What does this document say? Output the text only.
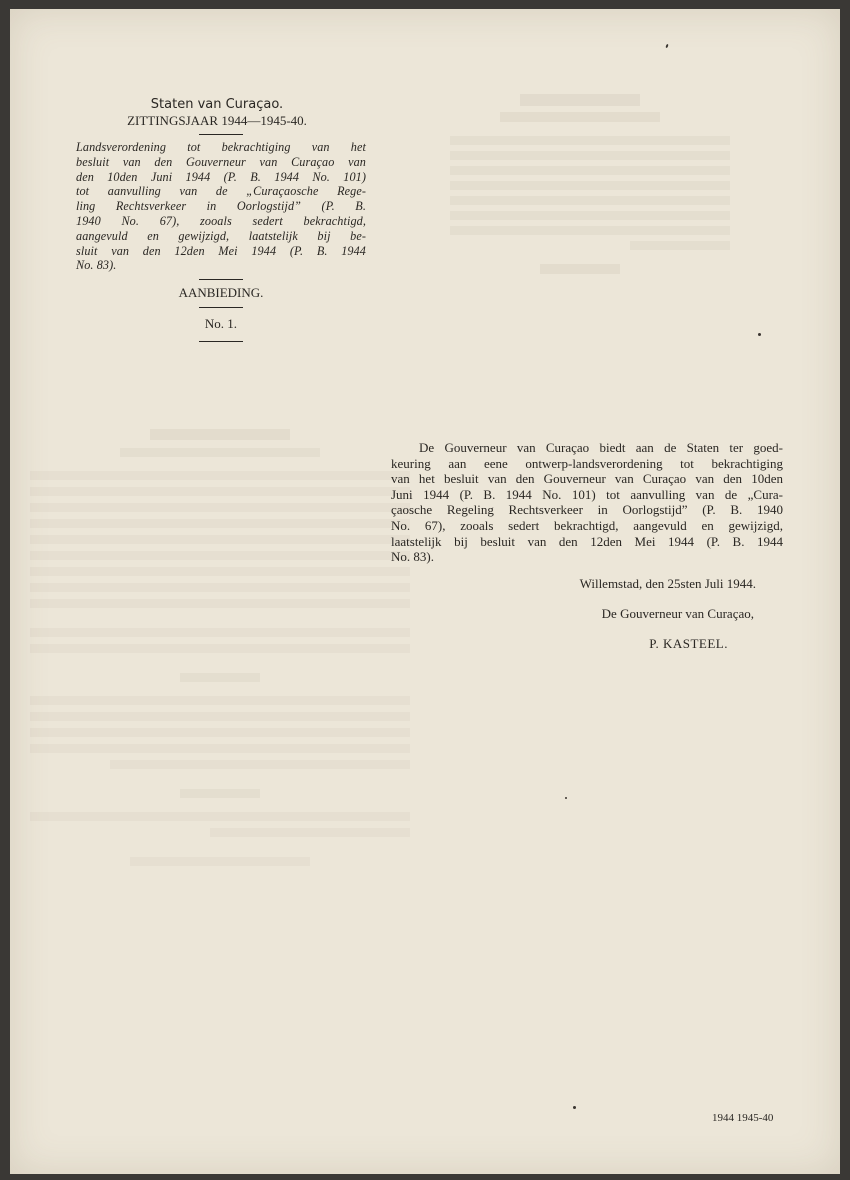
Staten van Curaçao.
ZITTINGSJAAR 1944—1945-40.
Landsverordening tot bekrachtiging van het
besluit van den Gouverneur van Curaçao van
den 10den Juni 1944 (P. B. 1944 No. 101)
tot aanvulling van de „Curaçaosche Rege-
ling Rechtsverkeer in Oorlogstijd” (P. B.
1940 No. 67), zooals sedert bekrachtigd,
aangevuld en gewijzigd, laatstelijk bij be-
sluit van den 12den Mei 1944 (P. B. 1944
No. 83).
AANBIEDING.
No. 1.
De Gouverneur van Curaçao biedt aan de Staten ter goed-
keuring aan eene ontwerp-landsverordening tot bekrachtiging
van het besluit van den Gouverneur van Curaçao van den 10den
Juni 1944 (P. B. 1944 No. 101) tot aanvulling van de „Cura-
çaosche Regeling Rechtsverkeer in Oorlogstijd” (P. B. 1940
No. 67), zooals sedert bekrachtigd, aangevuld en gewijzigd,
laatstelijk bij besluit van den 12den Mei 1944 (P. B. 1944
No. 83).
Willemstad, den 25sten Juli 1944.
De Gouverneur van Curaçao,
P. KASTEEL.
1944 1945-40
